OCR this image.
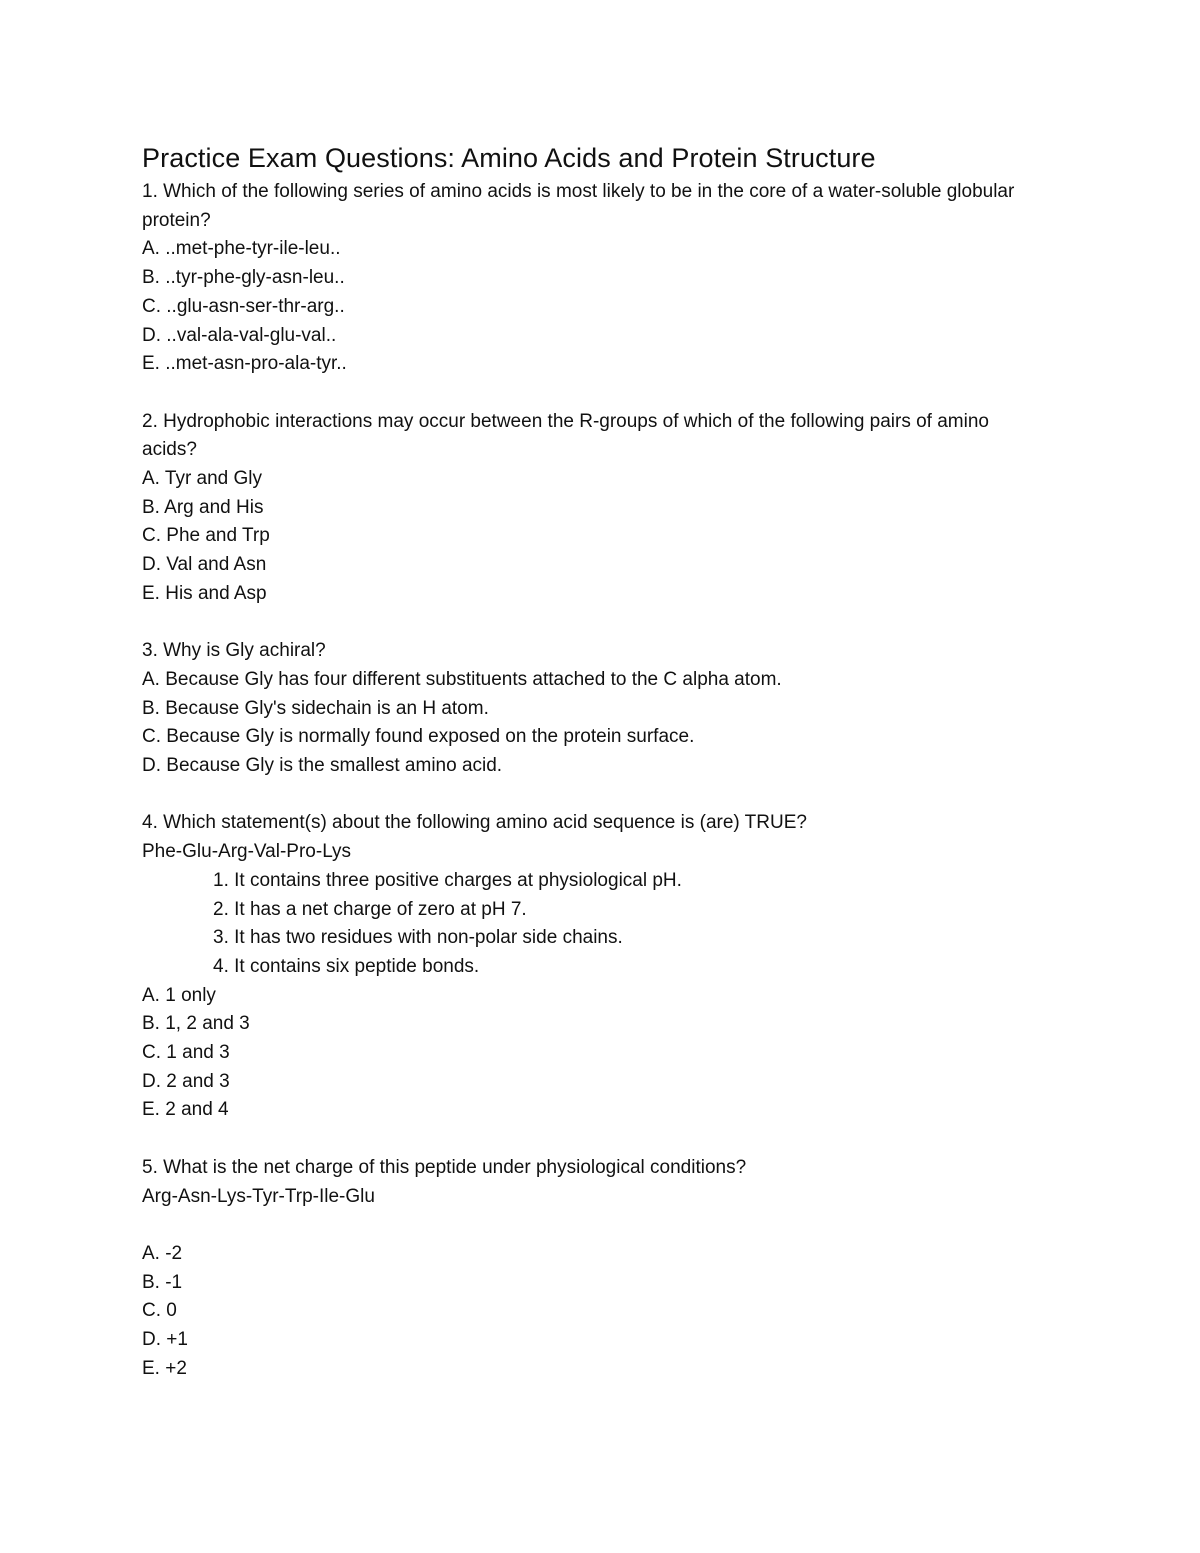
Practice Exam Questions: Amino Acids and Protein Structure

1. Which of the following series of amino acids is most likely to be in the core of a water-soluble globular protein?

A. ..met-phe-tyr-ile-leu..

B. ..tyr-phe-gly-asn-leu..

C. ..glu-asn-ser-thr-arg..

D. ..val-ala-val-glu-val..

E. ..met-asn-pro-ala-tyr..

2. Hydrophobic interactions may occur between the R-groups of which of the following pairs of amino acids?

A. Tyr and Gly

B. Arg and His

C. Phe and Trp

D. Val and Asn

E. His and Asp

3. Why is Gly achiral?

A. Because Gly has four different substituents attached to the C alpha atom.

B. Because Gly's sidechain is an H atom.

C. Because Gly is normally found exposed on the protein surface.

D. Because Gly is the smallest amino acid.

4. Which statement(s) about the following amino acid sequence is (are) TRUE?

Phe-Glu-Arg-Val-Pro-Lys

1. It contains three positive charges at physiological pH.

2. It has a net charge of zero at pH 7.

3. It has two residues with non-polar side chains.

4. It contains six peptide bonds.

A. 1 only

B. 1, 2 and 3

C. 1 and 3

D. 2 and 3

E. 2 and 4

5. What is the net charge of this peptide under physiological conditions?

Arg-Asn-Lys-Tyr-Trp-Ile-Glu

A. -2

B. -1

C. 0

D. +1

E. +2
